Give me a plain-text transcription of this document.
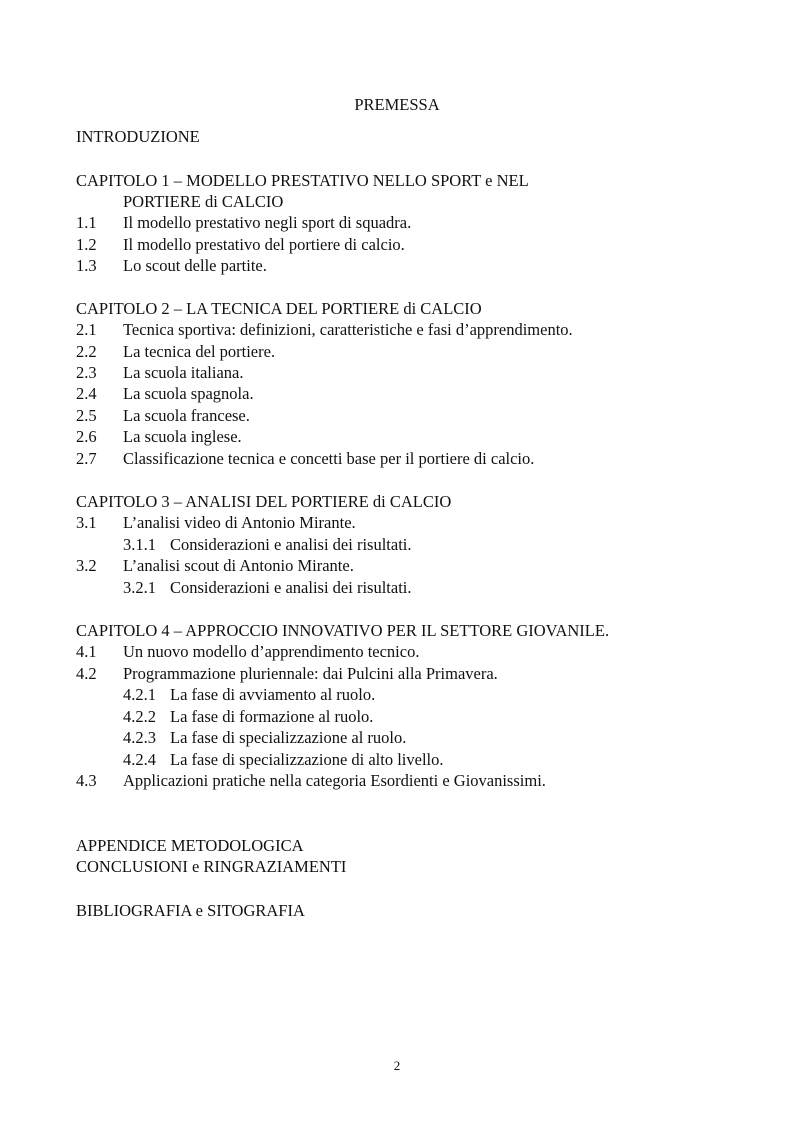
PREMESSA
INTRODUZIONE
CAPITOLO 1 – MODELLO PRESTATIVO NELLO SPORT e NEL
PORTIERE di CALCIO
1.1 Il modello prestativo negli sport di squadra.
1.2 Il modello prestativo del portiere di calcio.
1.3 Lo scout delle partite.
CAPITOLO 2 – LA TECNICA DEL PORTIERE di CALCIO
2.1 Tecnica sportiva: definizioni, caratteristiche e fasi d’apprendimento.
2.2 La tecnica del portiere.
2.3 La scuola italiana.
2.4 La scuola spagnola.
2.5 La scuola francese.
2.6 La scuola inglese.
2.7 Classificazione tecnica e concetti base per il portiere di calcio.
CAPITOLO 3 – ANALISI DEL PORTIERE di CALCIO
3.1 L’analisi video di Antonio Mirante.
3.1.1 Considerazioni e analisi dei risultati.
3.2 L’analisi scout di Antonio Mirante.
3.2.1 Considerazioni e analisi dei risultati.
CAPITOLO 4 – APPROCCIO INNOVATIVO PER IL SETTORE GIOVANILE.
4.1 Un nuovo modello d’apprendimento tecnico.
4.2 Programmazione pluriennale: dai Pulcini alla Primavera.
4.2.1 La fase di avviamento al ruolo.
4.2.2 La fase di formazione al ruolo.
4.2.3 La fase di specializzazione al ruolo.
4.2.4 La fase di specializzazione di alto livello.
4.3 Applicazioni pratiche nella categoria Esordienti e Giovanissimi.
APPENDICE METODOLOGICA
CONCLUSIONI e RINGRAZIAMENTI
BIBLIOGRAFIA e SITOGRAFIA
2
